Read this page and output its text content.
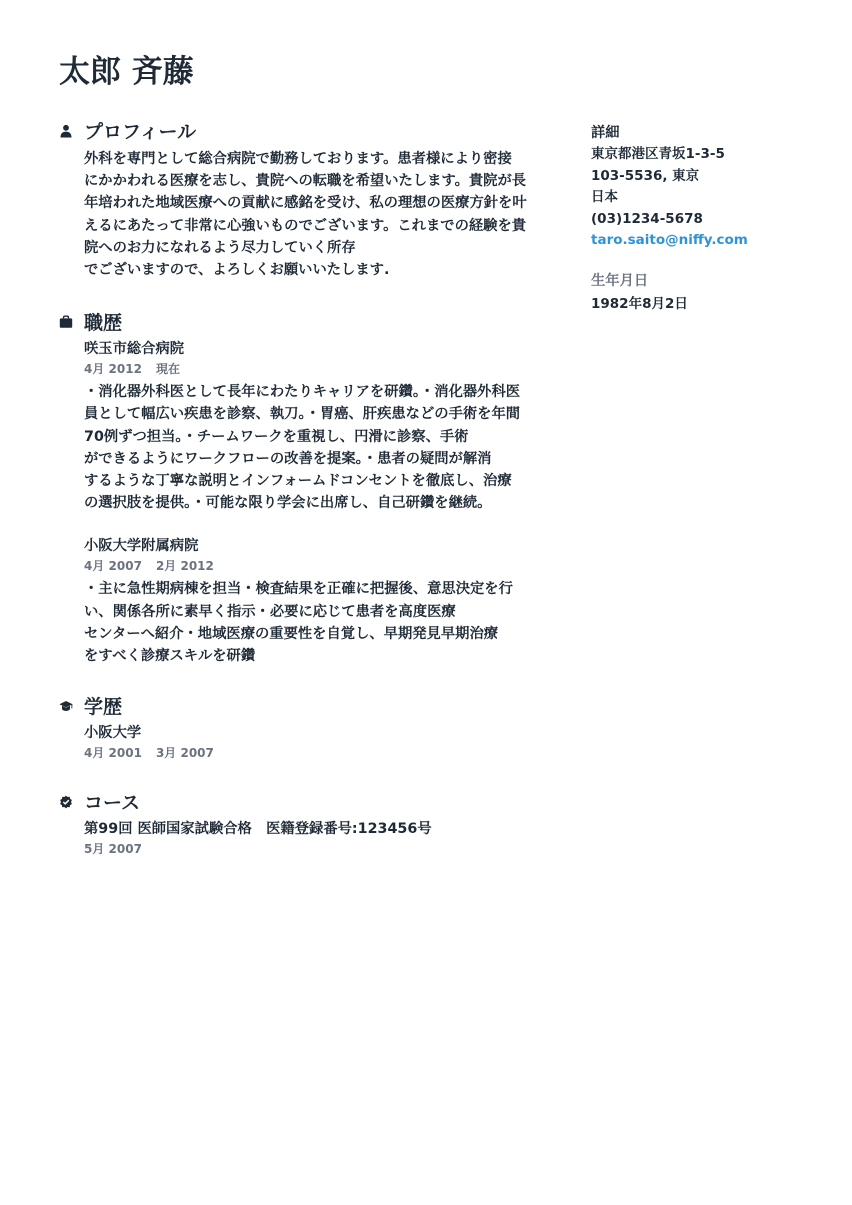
太郎 斉藤
プロフィール
外科を専門として総合病院で勤務しております。患者様により密接
にかかわれる医療を志し、貴院への転職を希望いたします。貴院が長
年培われた地域医療への貢献に感銘を受け、私の理想の医療方針を叶
えるにあたって非常に心強いものでございます。これまでの経験を貴
院へのお力になれるよう尽力していく所存
でございますので、よろしくお願いいたします.
職歴
咲玉市総合病院
4月 2012 現在
・消化器外科医として長年にわたりキャリアを研鑽。・消化器外科医
員として幅広い疾患を診察、執刀。・胃癌、肝疾患などの手術を年間
70例ずつ担当。・チームワークを重視し、円滑に診察、手術
ができるようにワークフローの改善を提案。・患者の疑問が解消
するような丁寧な説明とインフォームドコンセントを徹底し、治療
の選択肢を提供。・可能な限り学会に出席し、自己研鑽を継続。
小阪大学附属病院
4月 2007 2月 2012
・主に急性期病棟を担当・検査結果を正確に把握後、意思決定を行
い、関係各所に素早く指示・必要に応じて患者を高度医療
センターへ紹介・地域医療の重要性を自覚し、早期発見早期治療
をすべく診療スキルを研鑽
学歴
小阪大学
4月 2001 3月 2007
コース
第99回 医師国家試験合格　医籍登録番号:123456号
5月 2007
詳細
東京都港区青坂1-3-5
103-5536, 東京
日本
(03)1234-5678
taro.saito@niffy.com
生年月日
1982年8月2日
